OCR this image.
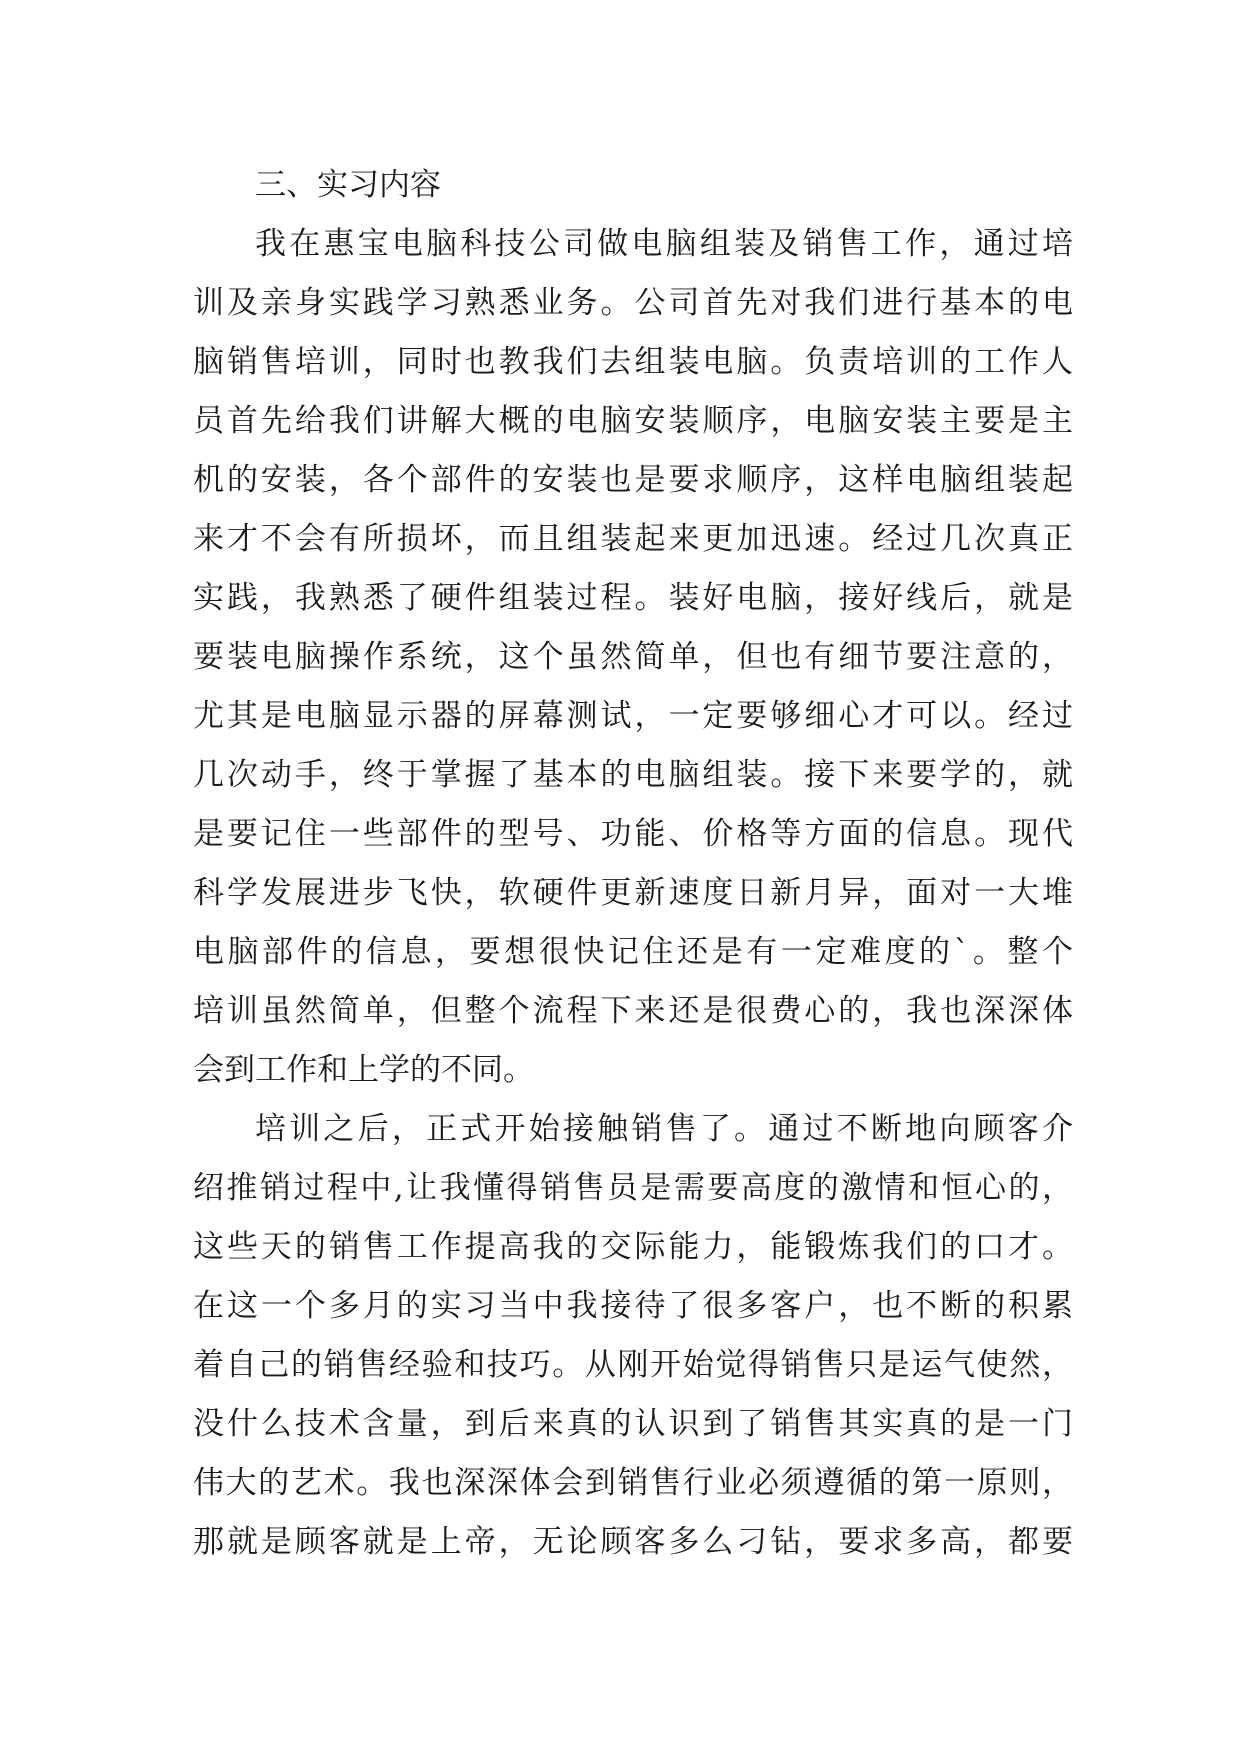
三、实习内容
我在惠宝电脑科技公司做电脑组装及销售工作，通过培
训及亲身实践学习熟悉业务。公司首先对我们进行基本的电
脑销售培训，同时也教我们去组装电脑。负责培训的工作人
员首先给我们讲解大概的电脑安装顺序，电脑安装主要是主
机的安装，各个部件的安装也是要求顺序，这样电脑组装起
来才不会有所损坏，而且组装起来更加迅速。经过几次真正
实践，我熟悉了硬件组装过程。装好电脑，接好线后，就是
要装电脑操作系统，这个虽然简单，但也有细节要注意的，
尤其是电脑显示器的屏幕测试，一定要够细心才可以。经过
几次动手，终于掌握了基本的电脑组装。接下来要学的，就
是要记住一些部件的型号、功能、价格等方面的信息。现代
科学发展进步飞快，软硬件更新速度日新月异，面对一大堆
电脑部件的信息，要想很快记住还是有一定难度的`。整个
培训虽然简单，但整个流程下来还是很费心的，我也深深体
会到工作和上学的不同。
培训之后，正式开始接触销售了。通过不断地向顾客介
绍推销过程中,让我懂得销售员是需要高度的激情和恒心的，
这些天的销售工作提高我的交际能力，能锻炼我们的口才。
在这一个多月的实习当中我接待了很多客户，也不断的积累
着自己的销售经验和技巧。从刚开始觉得销售只是运气使然，
没什么技术含量，到后来真的认识到了销售其实真的是一门
伟大的艺术。我也深深体会到销售行业必须遵循的第一原则，
那就是顾客就是上帝，无论顾客多么刁钻，要求多高，都要
